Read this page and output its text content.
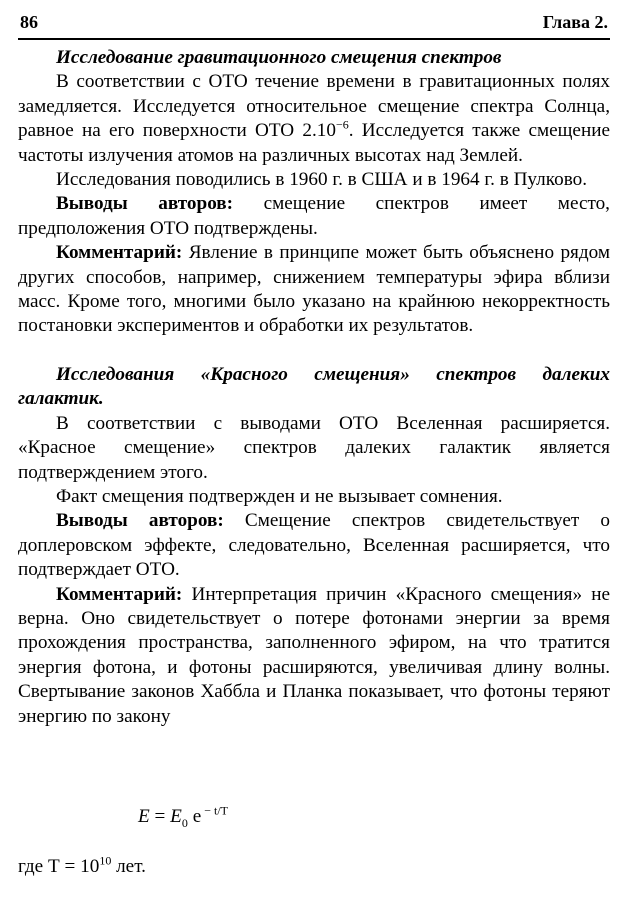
86	Глава 2.

Исследование гравитационного смещения спектров

В соответствии с ОТО течение времени в гравитационных полях замедляется. Исследуется относительное смещение спектра Солнца, равное на его поверхности ОТО $2.10^{-6}$. Исследуется также смещение частоты излучения атомов на различных высотах над Землей.

Исследования поводились в 1960 г. в США и в 1964 г. в Пулково.

Выводы авторов: смещение спектров имеет место, предположения ОТО подтверждены.

Комментарий: Явление в принципе может быть объяснено рядом других способов, например, снижением температуры эфира вблизи масс. Кроме того, многими было указано на крайнюю некорректность постановки экспериментов и обработки их результатов.

Исследования «Красного смещения» спектров далеких галактик.

В соответствии с выводами ОТО Вселенная расширяется. «Красное смещение» спектров далеких галактик является подтверждением этого.

Факт смещения подтвержден и не вызывает сомнения.

Выводы авторов: Смещение спектров свидетельствует о доплеровском эффекте, следовательно, Вселенная расширяется, что подтверждает ОТО.

Комментарий: Интерпретация причин «Красного смещения» не верна. Оно свидетельствует о потере фотонами энергии за время прохождения пространства, заполненного эфиром, на что тратится энергия фотона, и фотоны расширяются, увеличивая длину волны. Свертывание законов Хаббла и Планка показывает, что фотоны теряют энергию по закону

$E = E_0$ e $^{- t/T}$
где $Т = 10^{10}$ лет.
